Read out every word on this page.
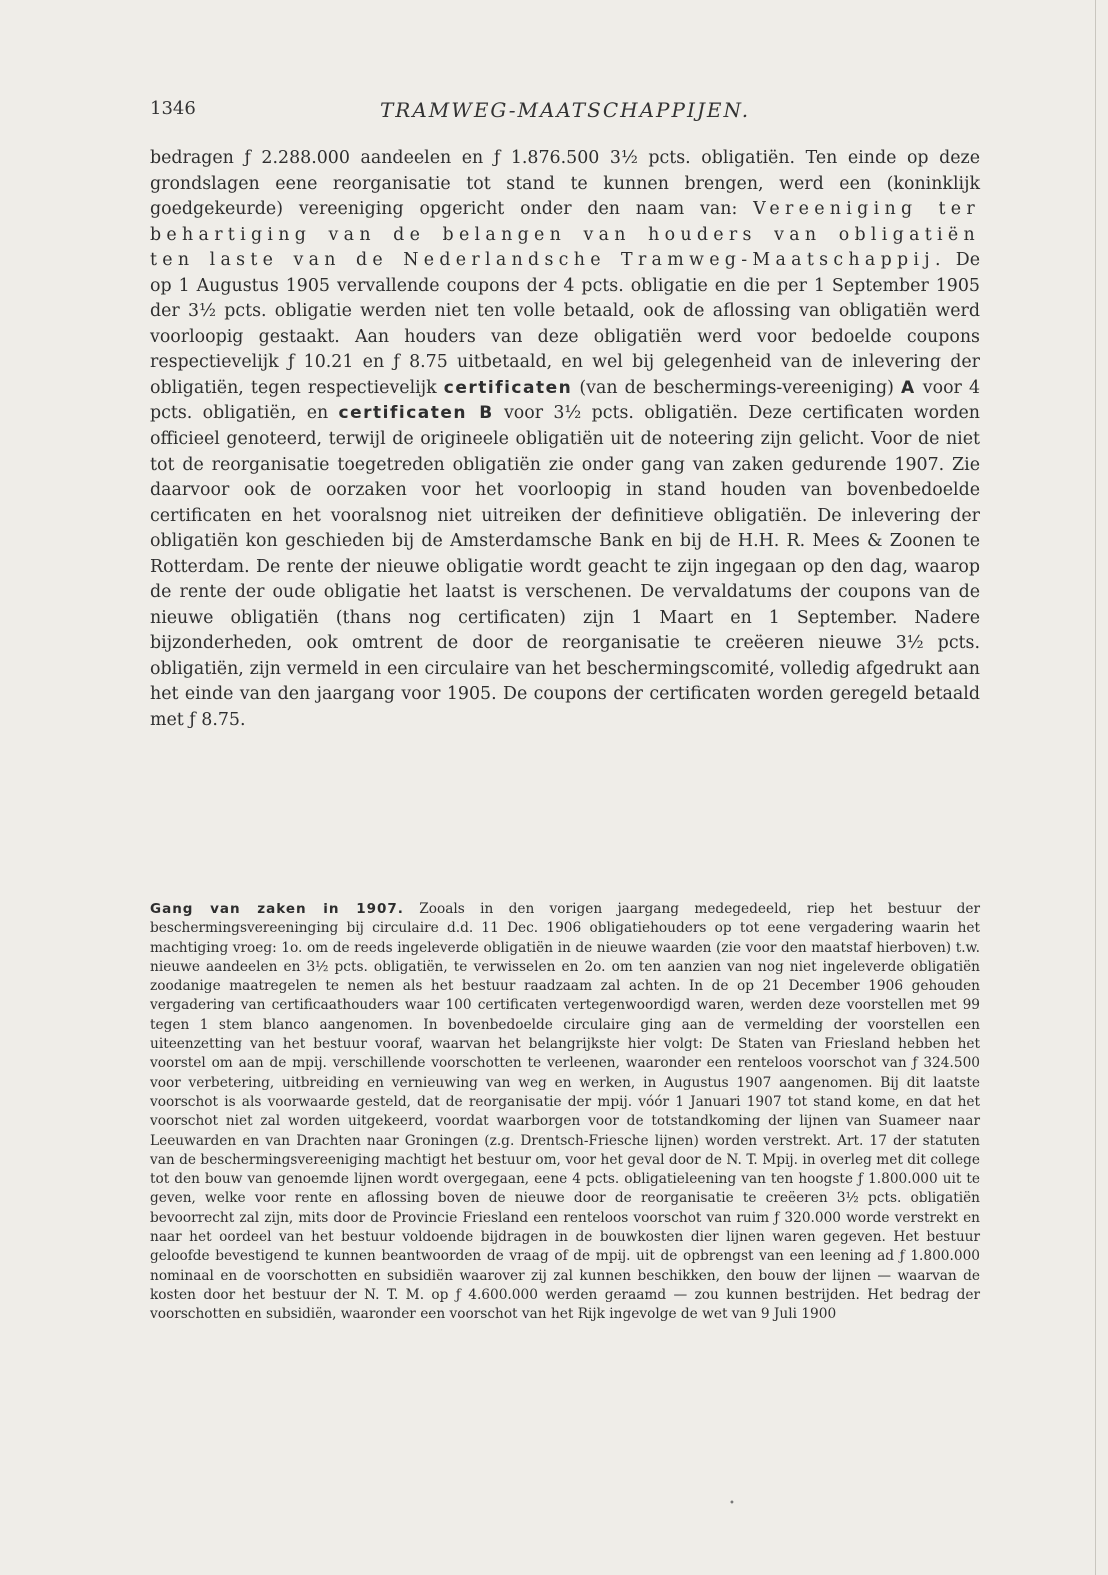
1346	TRAMWEG-MAATSCHAPPIJEN.
bedragen ƒ 2.288.000 aandeelen en ƒ 1.876.500 3½ pcts. obligatiën. Ten einde op deze grondslagen eene reorganisatie tot stand te kunnen brengen, werd een (koninklijk goedgekeurde) vereeniging opgericht onder den naam van: Vereeniging ter behartiging van de belangen van houders van obligatiën ten laste van de Nederlandsche Tramweg-Maatschappij. De op 1 Augustus 1905 vervallende coupons der 4 pcts. obligatie en die per 1 September 1905 der 3½ pcts. obligatie werden niet ten volle betaald, ook de aflossing van obligatiën werd voorloopig gestaakt. Aan houders van deze obligatiën werd voor bedoelde coupons respectievelijk ƒ 10.21 en ƒ 8.75 uitbetaald, en wel bij gelegenheid van de inlevering der obligatiën, tegen respectievelijk certificaten (van de beschermings-vereeniging) A voor 4 pcts. obligatiën, en certificaten B voor 3½ pcts. obligatiën. Deze certificaten worden officieel genoteerd, terwijl de origineele obligatiën uit de noteering zijn gelicht. Voor de niet tot de reorganisatie toegetreden obligatiën zie onder gang van zaken gedurende 1907. Zie daarvoor ook de oorzaken voor het voorloopig in stand houden van bovenbedoelde certificaten en het vooralsnog niet uitreiken der definitieve obligatiën. De inlevering der obligatiën kon geschieden bij de Amsterdamsche Bank en bij de H.H. R. Mees & Zoonen te Rotterdam. De rente der nieuwe obligatie wordt geacht te zijn ingegaan op den dag, waarop de rente der oude obligatie het laatst is verschenen. De vervaldatums der coupons van de nieuwe obligatiën (thans nog certificaten) zijn 1 Maart en 1 September. Nadere bijzonderheden, ook omtrent de door de reorganisatie te creëeren nieuwe 3½ pcts. obligatiën, zijn vermeld in een circulaire van het beschermingscomité, volledig afgedrukt aan het einde van den jaargang voor 1905. De coupons der certificaten worden geregeld betaald met ƒ 8.75.
Gang van zaken in 1907. Zooals in den vorigen jaargang medegedeeld, riep het bestuur der beschermingsvereeninging bij circulaire d.d. 11 Dec. 1906 obligatiehouders op tot eene vergadering waarin het machtiging vroeg: 1o. om de reeds ingeleverde obligatiën in de nieuwe waarden (zie voor den maatstaf hierboven) t.w. nieuwe aandeelen en 3½ pcts. obligatiën, te verwisselen en 2o. om ten aanzien van nog niet ingeleverde obligatiën zoodanige maatregelen te nemen als het bestuur raadzaam zal achten. In de op 21 December 1906 gehouden vergadering van certificaathouders waar 100 certificaten vertegenwoordigd waren, werden deze voorstellen met 99 tegen 1 stem blanco aangenomen. In bovenbedoelde circulaire ging aan de vermelding der voorstellen een uiteenzetting van het bestuur vooraf, waarvan het belangrijkste hier volgt: De Staten van Friesland hebben het voorstel om aan de mpij. verschillende voorschotten te verleenen, waaronder een renteloos voorschot van ƒ 324.500 voor verbetering, uitbreiding en vernieuwing van weg en werken, in Augustus 1907 aangenomen. Bij dit laatste voorschot is als voorwaarde gesteld, dat de reorganisatie der mpij. vóór 1 Januari 1907 tot stand kome, en dat het voorschot niet zal worden uitgekeerd, voordat waarborgen voor de totstandkoming der lijnen van Suameer naar Leeuwarden en van Drachten naar Groningen (z.g. Drentsch-Friesche lijnen) worden verstrekt. Art. 17 der statuten van de beschermingsvereeniging machtigt het bestuur om, voor het geval door de N. T. Mpij. in overleg met dit college tot den bouw van genoemde lijnen wordt overgegaan, eene 4 pcts. obligatieleening van ten hoogste ƒ 1.800.000 uit te geven, welke voor rente en aflossing boven de nieuwe door de reorganisatie te creëeren 3½ pcts. obligatiën bevoorrecht zal zijn, mits door de Provincie Friesland een renteloos voorschot van ruim ƒ 320.000 worde verstrekt en naar het oordeel van het bestuur voldoende bijdragen in de bouwkosten dier lijnen waren gegeven. Het bestuur geloofde bevestigend te kunnen beantwoorden de vraag of de mpij. uit de opbrengst van een leening ad ƒ 1.800.000 nominaal en de voorschotten en subsidiën waarover zij zal kunnen beschikken, den bouw der lijnen — waarvan de kosten door het bestuur der N. T. M. op ƒ 4.600.000 werden geraamd — zou kunnen bestrijden. Het bedrag der voorschotten en subsidiën, waaronder een voorschot van het Rijk ingevolge de wet van 9 Juli 1900
•
